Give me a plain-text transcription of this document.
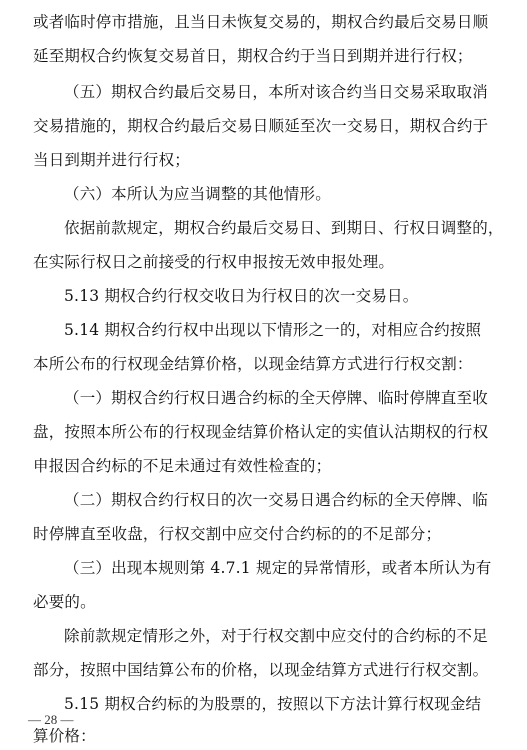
或者临时停市措施，且当日未恢复交易的，期权合约最后交易日顺
延至期权合约恢复交易首日，期权合约于当日到期并进行行权；
（五）期权合约最后交易日，本所对该合约当日交易采取取消
交易措施的，期权合约最后交易日顺延至次一交易日，期权合约于
当日到期并进行行权；
（六）本所认为应当调整的其他情形。
依据前款规定，期权合约最后交易日、到期日、行权日调整的，
在实际行权日之前接受的行权申报按无效申报处理。
5.13 期权合约行权交收日为行权日的次一交易日。
5.14 期权合约行权中出现以下情形之一的，对相应合约按照
本所公布的行权现金结算价格，以现金结算方式进行行权交割：
（一）期权合约行权日遇合约标的全天停牌、临时停牌直至收
盘，按照本所公布的行权现金结算价格认定的实值认沽期权的行权
申报因合约标的不足未通过有效性检查的；
（二）期权合约行权日的次一交易日遇合约标的全天停牌、临
时停牌直至收盘，行权交割中应交付合约标的的不足部分；
（三）出现本规则第 4.7.1 规定的异常情形，或者本所认为有
必要的。
除前款规定情形之外，对于行权交割中应交付的合约标的不足
部分，按照中国结算公布的价格，以现金结算方式进行行权交割。
5.15 期权合约标的为股票的，按照以下方法计算行权现金结
算价格：
— 28 —
